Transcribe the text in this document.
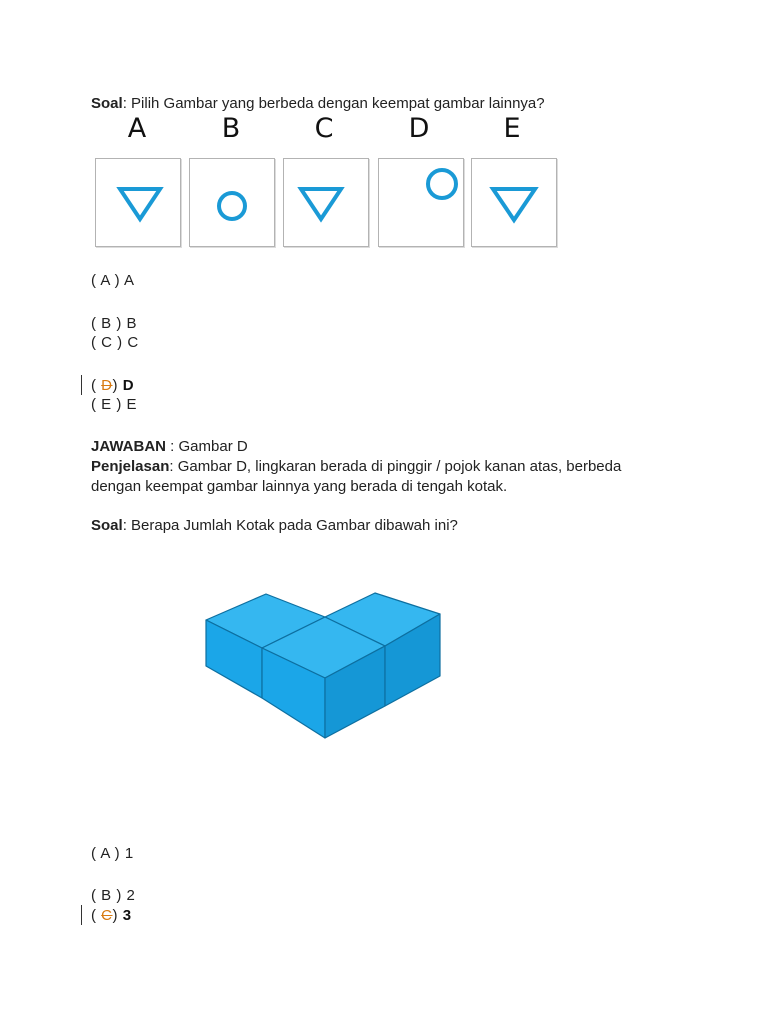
Soal: Pilih Gambar yang berbeda dengan keempat gambar lainnya?
A	B	C	D	E
( A ) A
( B ) B
( C ) C
( D) D
( E ) E
JAWABAN : Gambar D
Penjelasan: Gambar D, lingkaran berada di pinggir / pojok kanan atas, berbeda
dengan keempat gambar lainnya yang berada di tengah kotak.
Soal: Berapa Jumlah Kotak pada Gambar dibawah ini?
( A ) 1
( B ) 2
( C) 3
